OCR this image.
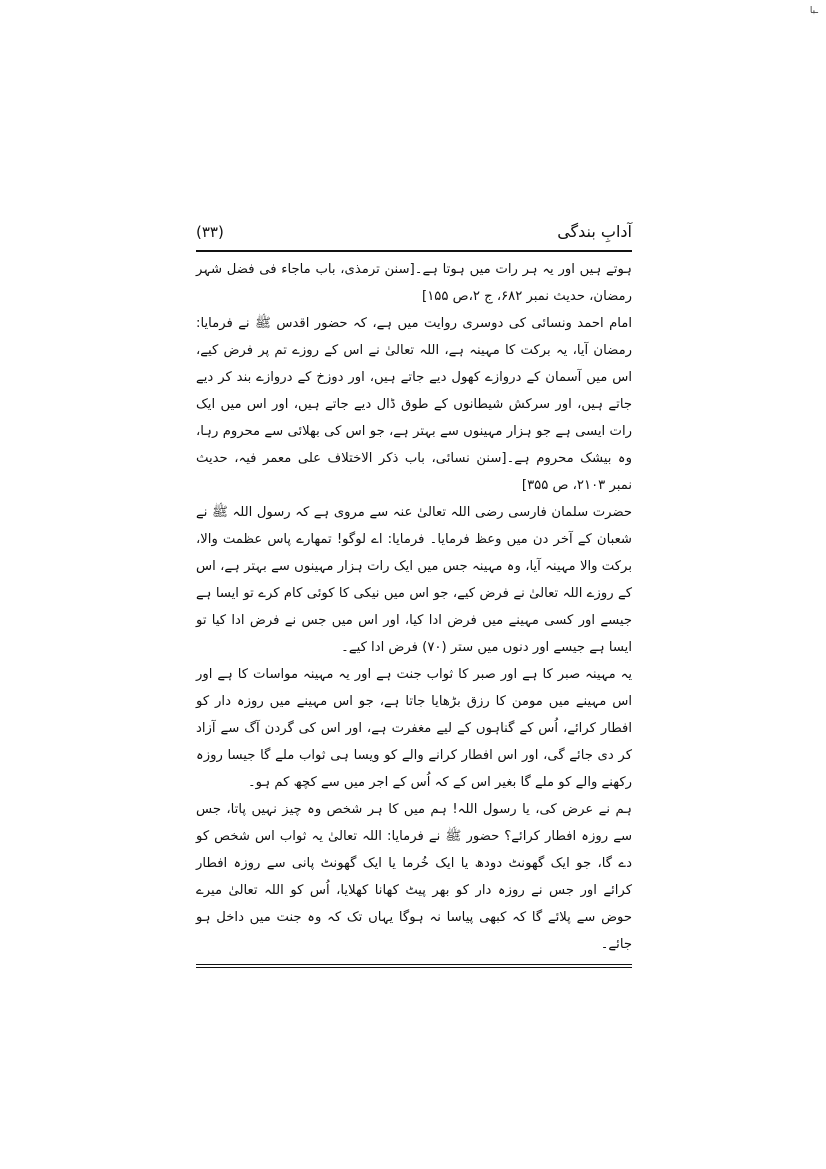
ـبا
آدابِ بندگی
(۳۳)

ہوتے ہیں اور یہ ہر رات میں ہوتا ہے۔[سنن ترمذی، باب ماجاء فی فضل شہر رمضان، حدیث نمبر ۶۸۲، ج ۲،ص ۱۵۵]

امام احمد ونسائی کی دوسری روایت میں ہے، کہ حضور اقدس ﷺ نے فرمایا: رمضان آیا، یہ برکت کا مہینہ ہے، اللہ تعالیٰ نے اس کے روزے تم پر فرض کیے، اس میں آسمان کے دروازے کھول دیے جاتے ہیں، اور دوزخ کے دروازے بند کر دیے جاتے ہیں، اور سرکش شیطانوں کے طوق ڈال دیے جاتے ہیں، اور اس میں ایک رات ایسی ہے جو ہزار مہینوں سے بہتر ہے، جو اس کی بھلائی سے محروم رہا، وہ بیشک محروم ہے۔[سنن نسائی، باب ذکر الاختلاف علی معمر فیہ، حدیث نمبر ۲۱۰۳، ص ۳۵۵]

حضرت سلمان فارسی رضی اللہ تعالیٰ عنہ سے مروی ہے کہ رسول اللہ ﷺ نے شعبان کے آخر دن میں وعظ فرمایا۔ فرمایا: اے لوگو! تمھارے پاس عظمت والا، برکت والا مہینہ آیا، وہ مہینہ جس میں ایک رات ہزار مہینوں سے بہتر ہے، اس کے روزے اللہ تعالیٰ نے فرض کیے، جو اس میں نیکی کا کوئی کام کرے تو ایسا ہے جیسے اور کسی مہینے میں فرض ادا کیا، اور اس میں جس نے فرض ادا کیا تو ایسا ہے جیسے اور دنوں میں ستر (۷۰) فرض ادا کیے۔

یہ مہینہ صبر کا ہے اور صبر کا ثواب جنت ہے اور یہ مہینہ مواسات کا ہے اور اس مہینے میں مومن کا رزق بڑھایا جاتا ہے، جو اس مہینے میں روزہ دار کو افطار کرائے، اُس کے گناہوں کے لیے مغفرت ہے، اور اس کی گردن آگ سے آزاد کر دی جائے گی، اور اس افطار کرانے والے کو ویسا ہی ثواب ملے گا جیسا روزہ رکھنے والے کو ملے گا بغیر اس کے کہ اُس کے اجر میں سے کچھ کم ہو۔

ہم نے عرض کی، یا رسول اللہ! ہم میں کا ہر شخص وہ چیز نہیں پاتا، جس سے روزہ افطار کرائے؟ حضور ﷺ نے فرمایا: اللہ تعالیٰ یہ ثواب اس شخص کو دے گا، جو ایک گھونٹ دودھ یا ایک خُرما یا ایک گھونٹ پانی سے روزہ افطار کرائے اور جس نے روزہ دار کو بھر پیٹ کھانا کھلایا، اُس کو اللہ تعالیٰ میرے حوض سے پلائے گا کہ کبھی پیاسا نہ ہوگا یہاں تک کہ وہ جنت میں داخل ہو جائے۔
